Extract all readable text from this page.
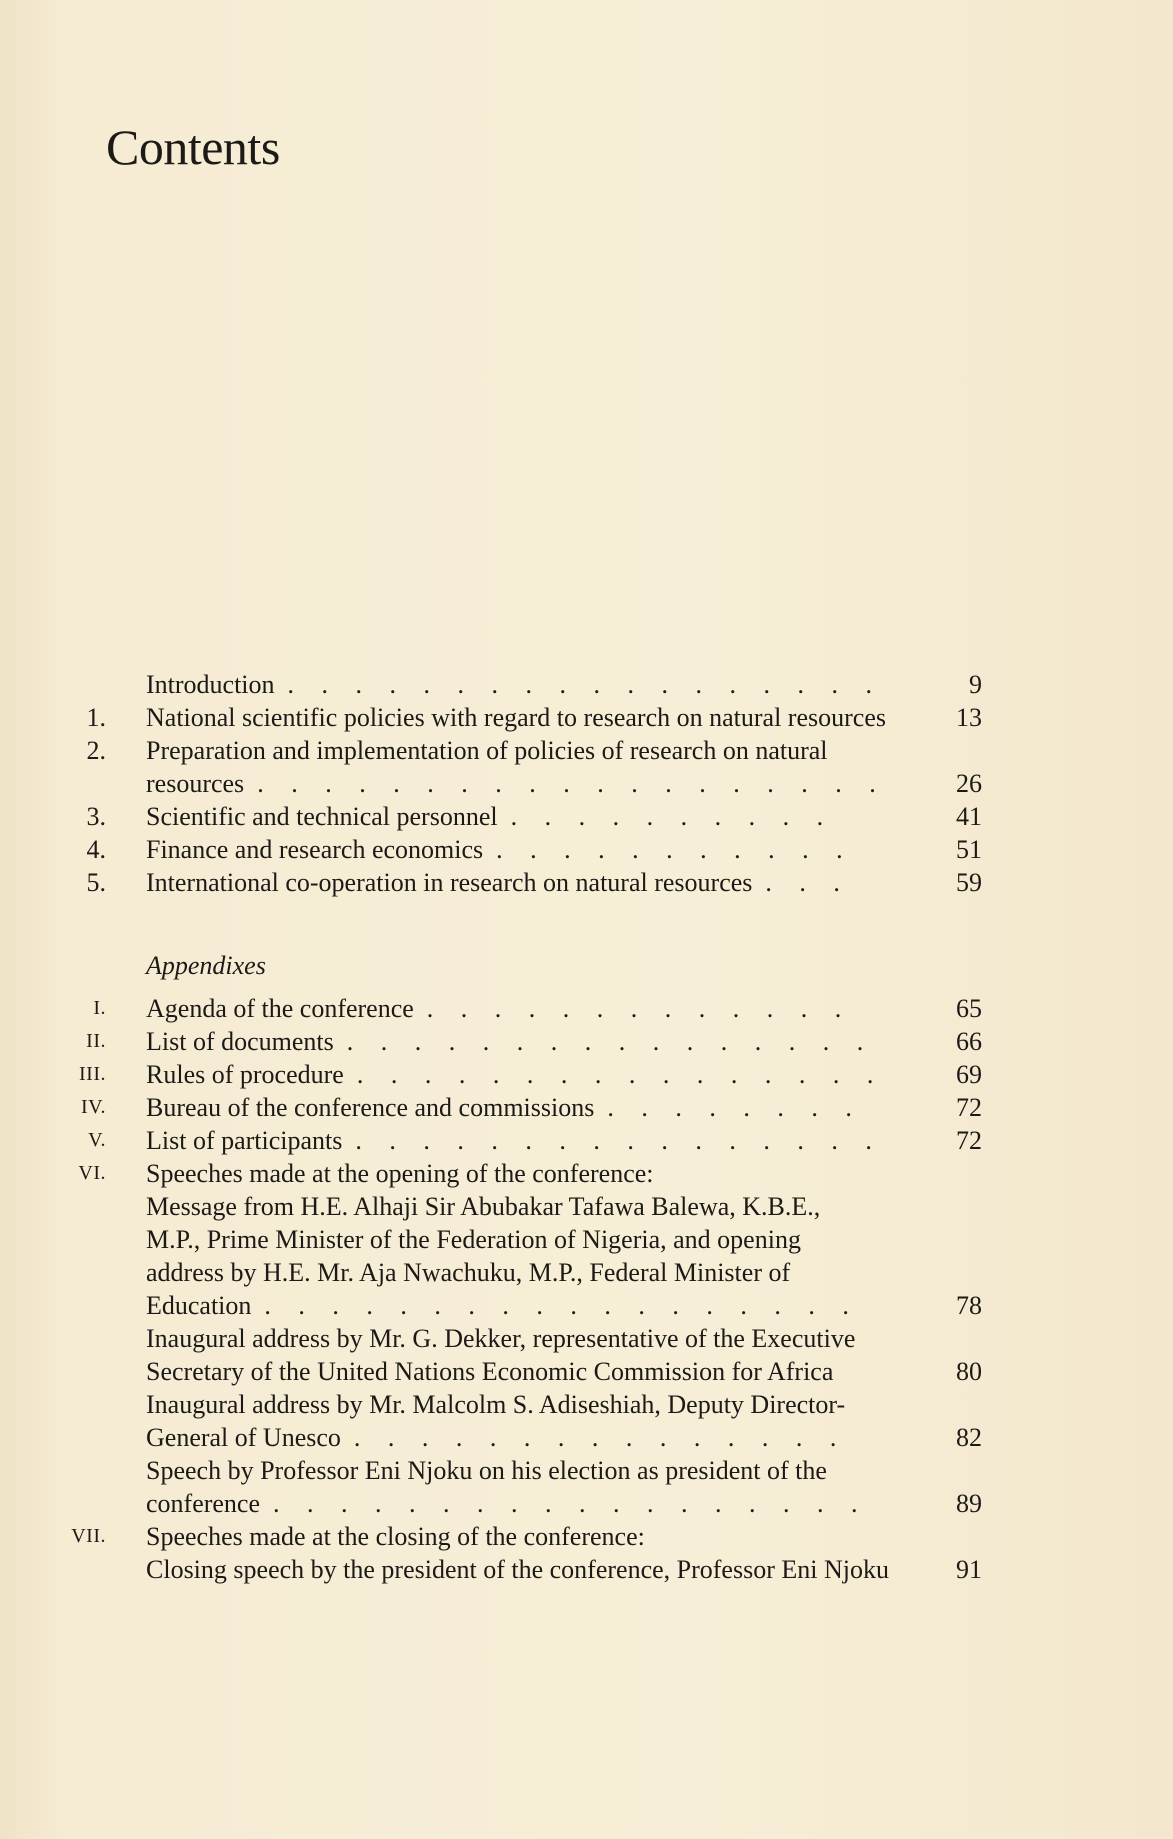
Contents
Introduction . . . . . . . . . . . . . . . . . .	9
1.	National scientific policies with regard to research on natural resources	13
2.	Preparation and implementation of policies of research on natural
resources . . . . . . . . . . . . . . . . . . .	26
3.	Scientific and technical personnel . . . . . . . . . .	41
4.	Finance and research economics . . . . . . . . . . .	51
5.	International co-operation in research on natural resources . . .	59
Appendixes
I.	Agenda of the conference . . . . . . . . . . . . .	65
II.	List of documents . . . . . . . . . . . . . . . .	66
III.	Rules of procedure . . . . . . . . . . . . . . . .	69
IV.	Bureau of the conference and commissions . . . . . . . .	72
V.	List of participants . . . . . . . . . . . . . . . .	72
VI.	Speeches made at the opening of the conference:
Message from H.E. Alhaji Sir Abubakar Tafawa Balewa, K.B.E.,
M.P., Prime Minister of the Federation of Nigeria, and opening
address by H.E. Mr. Aja Nwachuku, M.P., Federal Minister of
Education . . . . . . . . . . . . . . . . . .	78
Inaugural address by Mr. G. Dekker, representative of the Executive
Secretary of the United Nations Economic Commission for Africa	80
Inaugural address by Mr. Malcolm S. Adiseshiah, Deputy Director-
General of Unesco . . . . . . . . . . . . . . .	82
Speech by Professor Eni Njoku on his election as president of the
conference . . . . . . . . . . . . . . . . . .	89
VII.	Speeches made at the closing of the conference:
Closing speech by the president of the conference, Professor Eni Njoku	91
